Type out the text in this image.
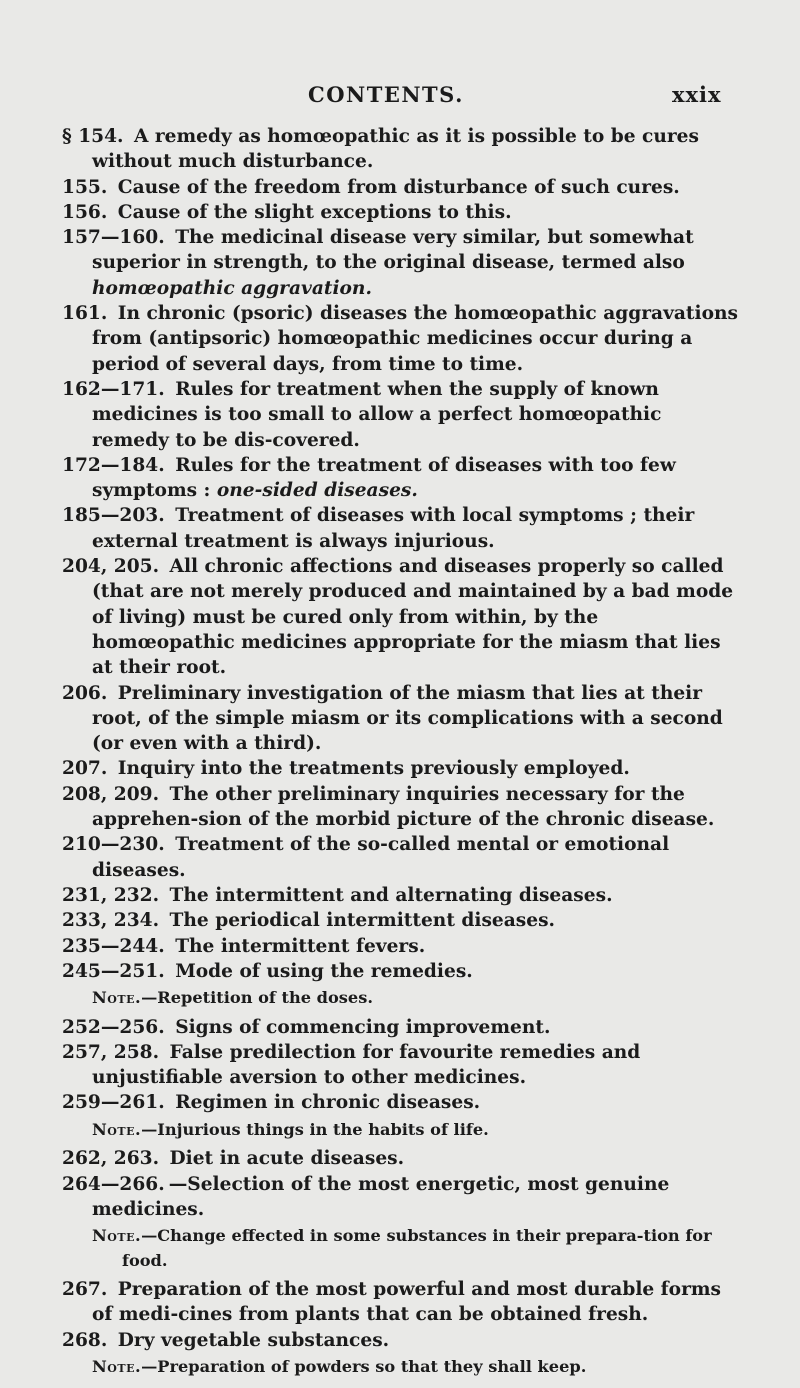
CONTENTS.	xxix
§ 154. A remedy as homœopathic as it is possible to be cures without much disturbance.
155. Cause of the freedom from disturbance of such cures.
156. Cause of the slight exceptions to this.
157—160. The medicinal disease very similar, but somewhat superior in strength, to the original disease, termed also homœopathic aggravation.
161. In chronic (psoric) diseases the homœopathic aggravations from (antipsoric) homœopathic medicines occur during a period of several days, from time to time.
162—171. Rules for treatment when the supply of known medicines is too small to allow a perfect homœopathic remedy to be dis-covered.
172—184. Rules for the treatment of diseases with too few symptoms : one-sided diseases.
185—203. Treatment of diseases with local symptoms ; their external treatment is always injurious.
204, 205. All chronic affections and diseases properly so called (that are not merely produced and maintained by a bad mode of living) must be cured only from within, by the homœopathic medicines appropriate for the miasm that lies at their root.
206. Preliminary investigation of the miasm that lies at their root, of the simple miasm or its complications with a second (or even with a third).
207. Inquiry into the treatments previously employed.
208, 209. The other preliminary inquiries necessary for the apprehen-sion of the morbid picture of the chronic disease.
210—230. Treatment of the so-called mental or emotional diseases.
231, 232. The intermittent and alternating diseases.
233, 234. The periodical intermittent diseases.
235—244. The intermittent fevers.
245—251. Mode of using the remedies.
Note.—Repetition of the doses.
252—256. Signs of commencing improvement.
257, 258. False predilection for favourite remedies and unjustifiable aversion to other medicines.
259—261. Regimen in chronic diseases.
Note.—Injurious things in the habits of life.
262, 263. Diet in acute diseases.
264—266. —Selection of the most energetic, most genuine medicines.
Note.—Change effected in some substances in their prepara-tion for food.
267. Preparation of the most powerful and most durable forms of medi-cines from plants that can be obtained fresh.
268. Dry vegetable substances.
Note.—Preparation of powders so that they shall keep.
